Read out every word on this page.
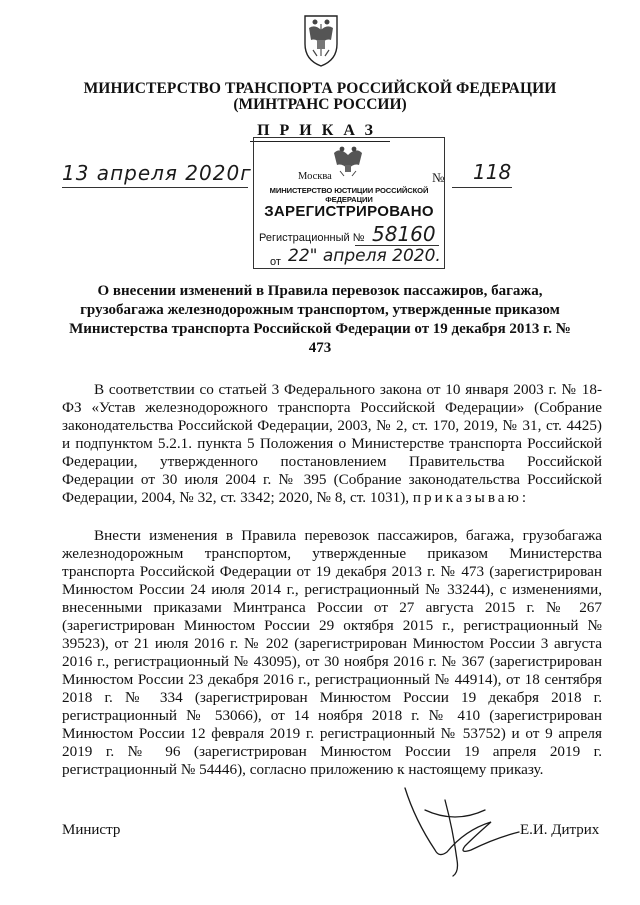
МИНИСТЕРСТВО ТРАНСПОРТА РОССИЙСКОЙ ФЕДЕРАЦИИ
(МИНТРАНС РОССИИ)
ПРИКАЗ
13 апреля 2020г	№ 118
Москва
МИНИСТЕРСТВО ЮСТИЦИИ РОССИЙСКОЙ ФЕДЕРАЦИИ
ЗАРЕГИСТРИРОВАНО
Регистрационный № 58160
от 22" апреля 2020.
О внесении изменений в Правила перевозок пассажиров, багажа, грузобагажа железнодорожным транспортом, утвержденные приказом Министерства транспорта Российской Федерации от 19 декабря 2013 г. № 473
В соответствии со статьей 3 Федерального закона от 10 января 2003 г. № 18-ФЗ «Устав железнодорожного транспорта Российской Федерации» (Собрание законодательства Российской Федерации, 2003, № 2, ст. 170, 2019, № 31, ст. 4425) и подпунктом 5.2.1. пункта 5 Положения о Министерстве транспорта Российской Федерации, утвержденного постановлением Правительства Российской Федерации от 30 июля 2004 г. № 395 (Собрание законодательства Российской Федерации, 2004, № 32, ст. 3342; 2020, № 8, ст. 1031), приказываю:
Внести изменения в Правила перевозок пассажиров, багажа, грузобагажа железнодорожным транспортом, утвержденные приказом Министерства транспорта Российской Федерации от 19 декабря 2013 г. № 473 (зарегистрирован Минюстом России 24 июля 2014 г., регистрационный № 33244), с изменениями, внесенными приказами Минтранса России от 27 августа 2015 г. № 267 (зарегистрирован Минюстом России 29 октября 2015 г., регистрационный № 39523), от 21 июля 2016 г. № 202 (зарегистрирован Минюстом России 3 августа 2016 г., регистрационный № 43095), от 30 ноября 2016 г. № 367 (зарегистрирован Минюстом России 23 декабря 2016 г., регистрационный № 44914), от 18 сентября 2018 г. № 334 (зарегистрирован Минюстом России 19 декабря 2018 г. регистрационный № 53066), от 14 ноября 2018 г. № 410 (зарегистрирован Минюстом России 12 февраля 2019 г. регистрационный № 53752) и от 9 апреля 2019 г. № 96 (зарегистрирован Минюстом России 19 апреля 2019 г. регистрационный № 54446), согласно приложению к настоящему приказу.
Министр	Е.И. Дитрих
